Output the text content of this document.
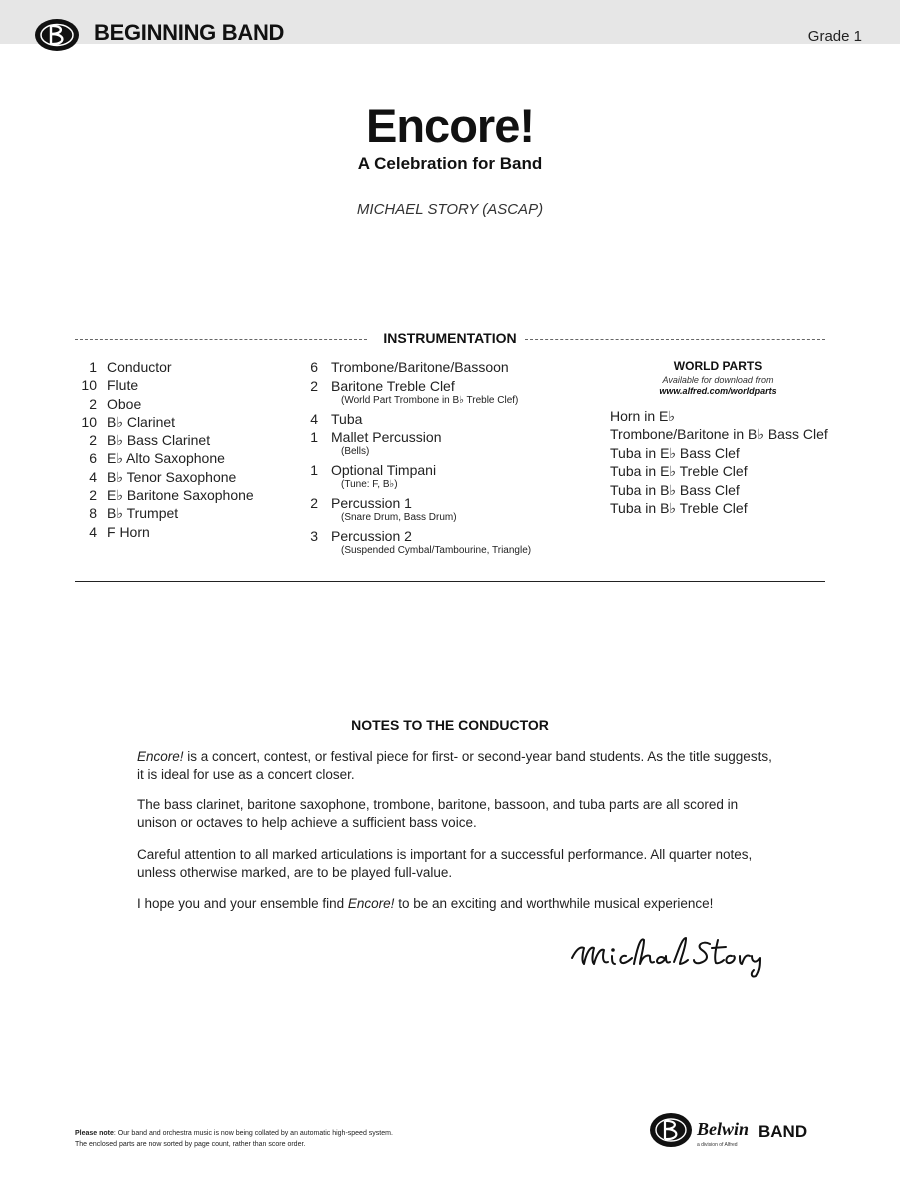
BEGINNING BAND	Grade 1
Encore!
A Celebration for Band
MICHAEL STORY (ASCAP)
INSTRUMENTATION
1 Conductor
10 Flute
2 Oboe
10 B♭ Clarinet
2 B♭ Bass Clarinet
6 E♭ Alto Saxophone
4 B♭ Tenor Saxophone
2 E♭ Baritone Saxophone
8 B♭ Trumpet
4 F Horn
6 Trombone/Baritone/Bassoon
2 Baritone Treble Clef
(World Part Trombone in B♭ Treble Clef)
4 Tuba
1 Mallet Percussion
(Bells)
1 Optional Timpani
(Tune: F, B♭)
2 Percussion 1
(Snare Drum, Bass Drum)
3 Percussion 2
(Suspended Cymbal/Tambourine, Triangle)
WORLD PARTS
Available for download from
www.alfred.com/worldparts
Horn in E♭
Trombone/Baritone in B♭ Bass Clef
Tuba in E♭ Bass Clef
Tuba in E♭ Treble Clef
Tuba in B♭ Bass Clef
Tuba in B♭ Treble Clef
NOTES TO THE CONDUCTOR
Encore! is a concert, contest, or festival piece for first- or second-year band students. As the title suggests, it is ideal for use as a concert closer.
The bass clarinet, baritone saxophone, trombone, baritone, bassoon, and tuba parts are all scored in unison or octaves to help achieve a sufficient bass voice.
Careful attention to all marked articulations is important for a successful performance. All quarter notes, unless otherwise marked, are to be played full-value.
I hope you and your ensemble find Encore! to be an exciting and worthwhile musical experience!
Please note: Our band and orchestra music is now being collated by an automatic high-speed system.
The enclosed parts are now sorted by page count, rather than score order.
Belwin BAND
a division of Alfred
